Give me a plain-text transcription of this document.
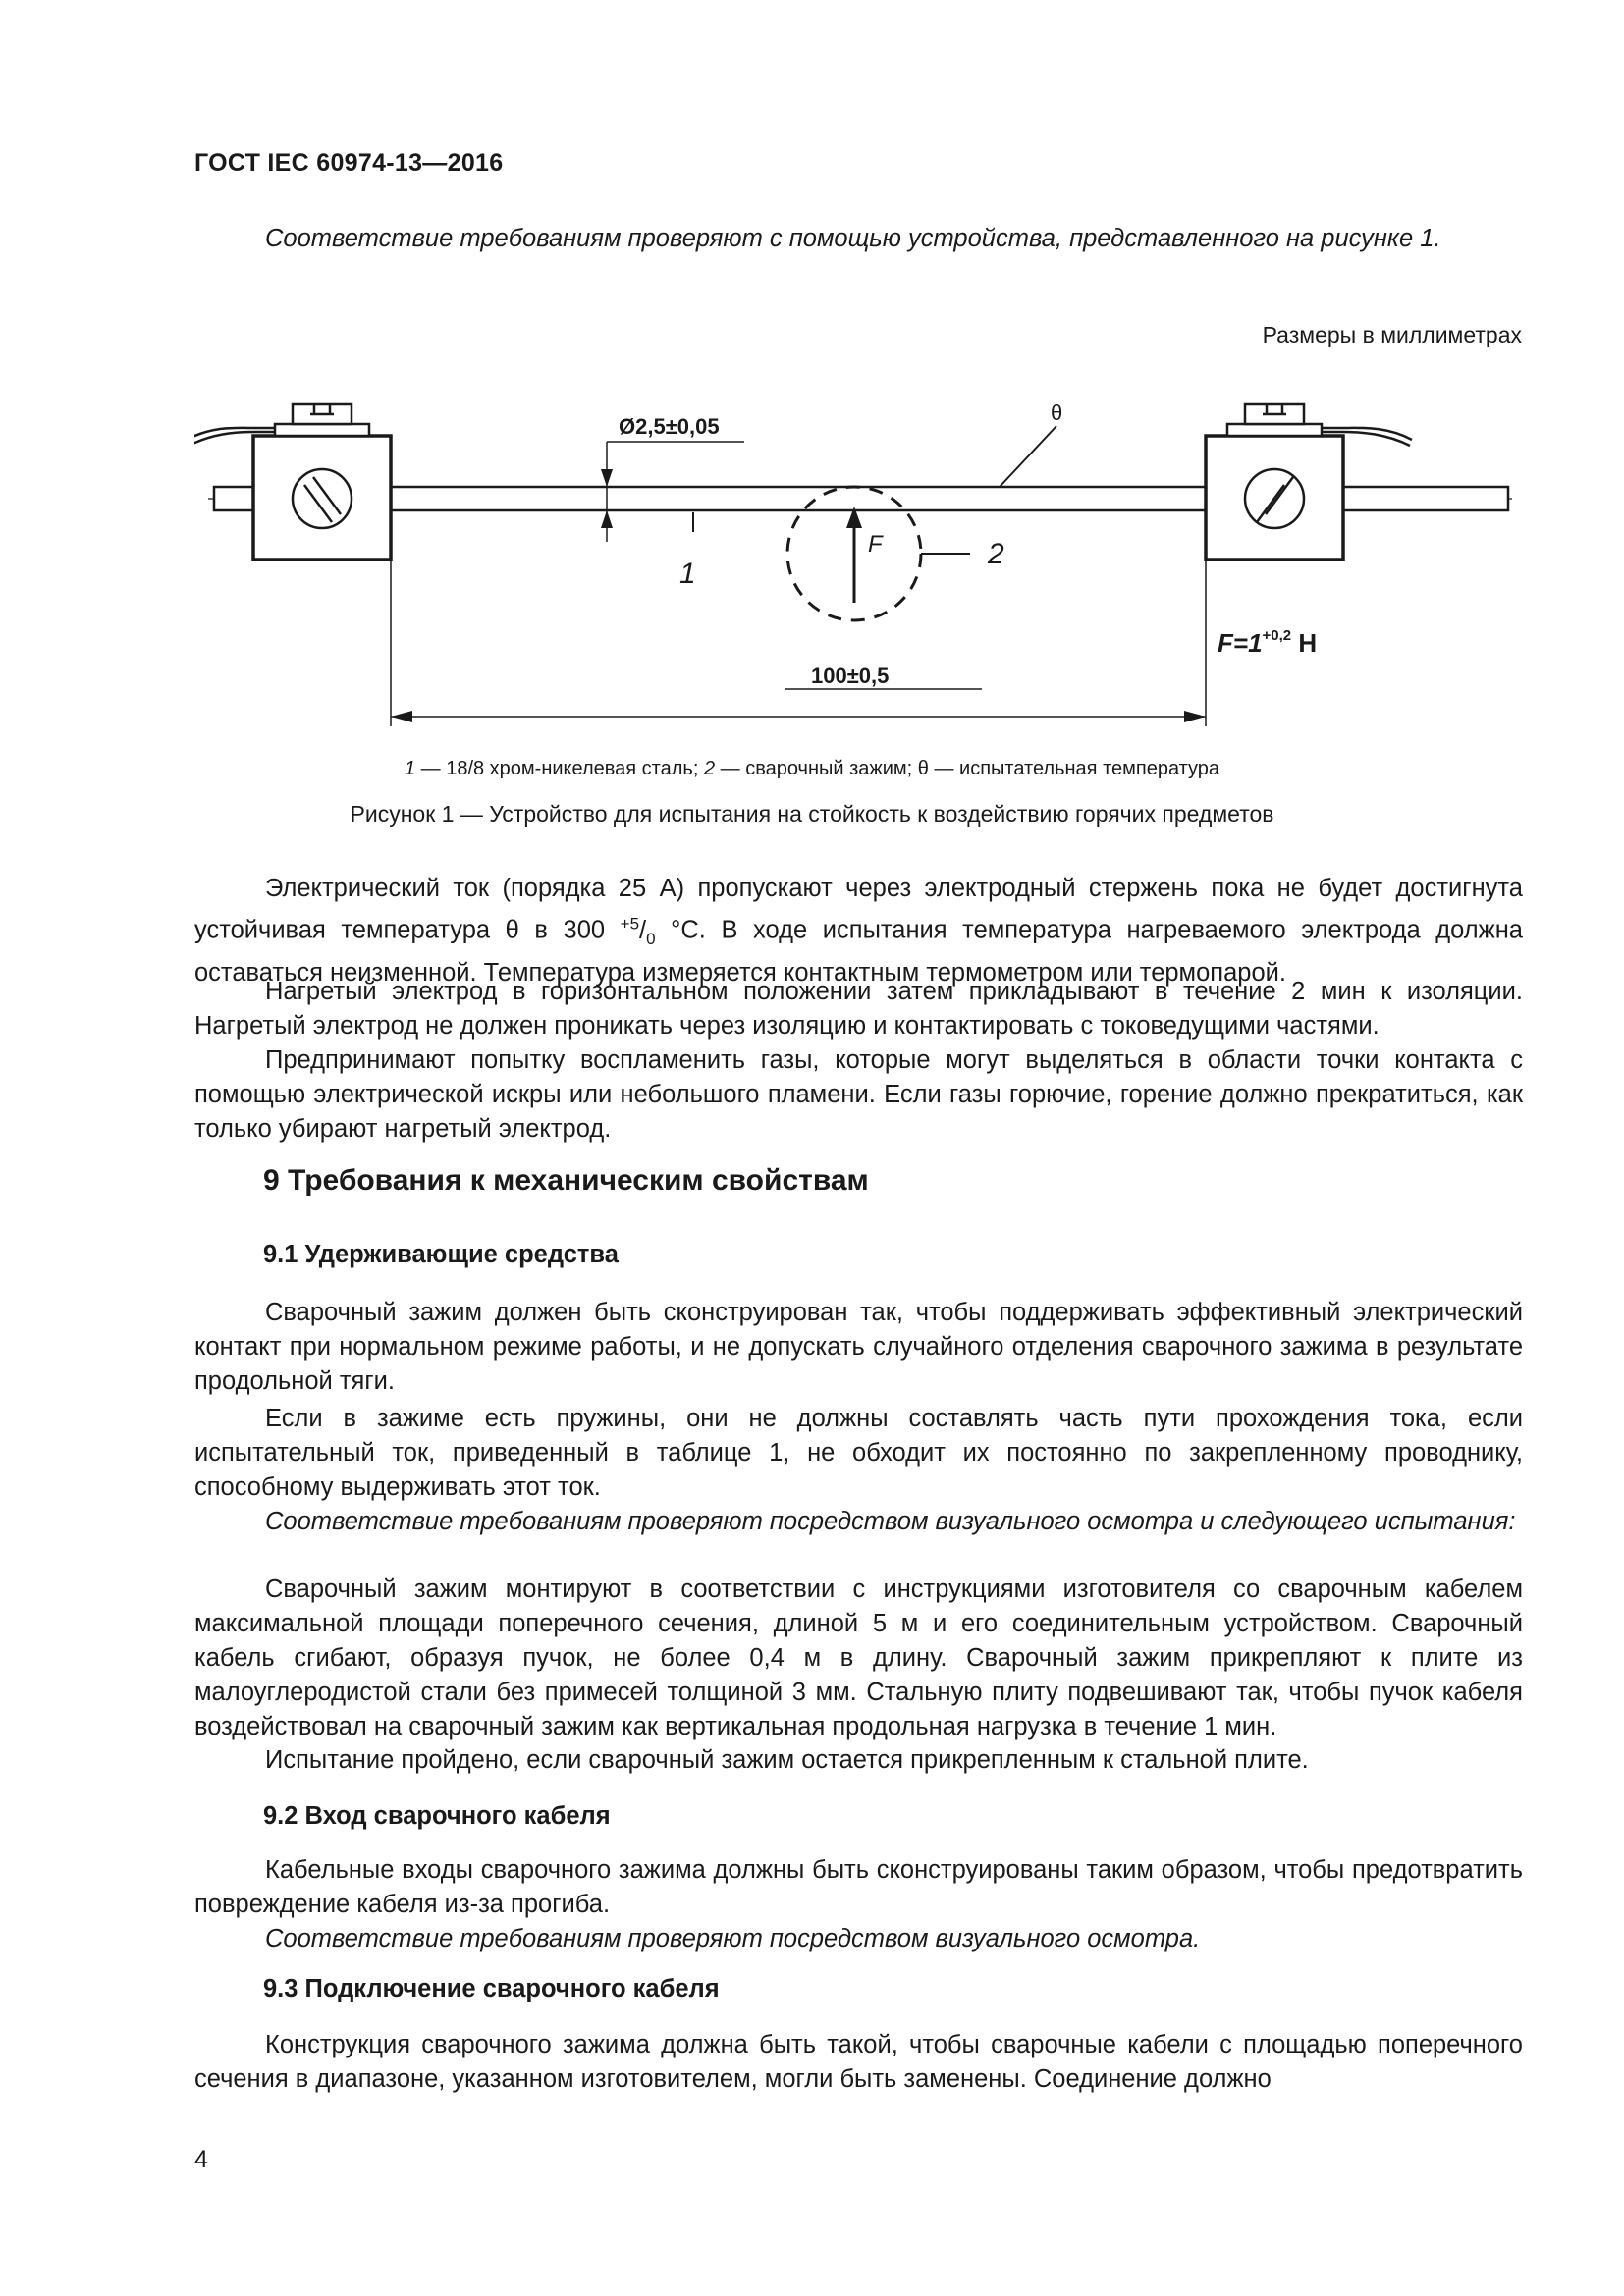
ГОСТ IEC 60974-13—2016
Соответствие требованиям проверяют с помощью устройства, представленного на рисунке 1.
Размеры в миллиметрах
Ø2,5±0,05
θ
1
2
F
$F=1^{+0,2}$ Н
100±0,5
1 — 18/8 хром-никелевая сталь; 2 — сварочный зажим; θ — испытательная температура
Рисунок 1 — Устройство для испытания на стойкость к воздействию горячих предметов
Электрический ток (порядка 25 А) пропускают через электродный стержень пока не будет достигнута устойчивая температура θ в 300 $^{+5}/_0$ °C. В ходе испытания температура нагреваемого электрода должна оставаться неизменной. Температура измеряется контактным термометром или термопарой.
Нагретый электрод в горизонтальном положении затем прикладывают в течение 2 мин к изоляции. Нагретый электрод не должен проникать через изоляцию и контактировать с токоведущими частями.
Предпринимают попытку воспламенить газы, которые могут выделяться в области точки контакта с помощью электрической искры или небольшого пламени. Если газы горючие, горение должно прекратиться, как только убирают нагретый электрод.
9 Требования к механическим свойствам
9.1 Удерживающие средства
Сварочный зажим должен быть сконструирован так, чтобы поддерживать эффективный электрический контакт при нормальном режиме работы, и не допускать случайного отделения сварочного зажима в результате продольной тяги.
Если в зажиме есть пружины, они не должны составлять часть пути прохождения тока, если испытательный ток, приведенный в таблице 1, не обходит их постоянно по закрепленному проводнику, способному выдерживать этот ток.
Соответствие требованиям проверяют посредством визуального осмотра и следующего испытания:
Сварочный зажим монтируют в соответствии с инструкциями изготовителя со сварочным кабелем максимальной площади поперечного сечения, длиной 5 м и его соединительным устройством. Сварочный кабель сгибают, образуя пучок, не более 0,4 м в длину. Сварочный зажим прикрепляют к плите из малоуглеродистой стали без примесей толщиной 3 мм. Стальную плиту подвешивают так, чтобы пучок кабеля воздействовал на сварочный зажим как вертикальная продольная нагрузка в течение 1 мин.
Испытание пройдено, если сварочный зажим остается прикрепленным к стальной плите.
9.2 Вход сварочного кабеля
Кабельные входы сварочного зажима должны быть сконструированы таким образом, чтобы предотвратить повреждение кабеля из-за прогиба.
Соответствие требованиям проверяют посредством визуального осмотра.
9.3 Подключение сварочного кабеля
Конструкция сварочного зажима должна быть такой, чтобы сварочные кабели с площадью поперечного сечения в диапазоне, указанном изготовителем, могли быть заменены. Соединение должно
4
